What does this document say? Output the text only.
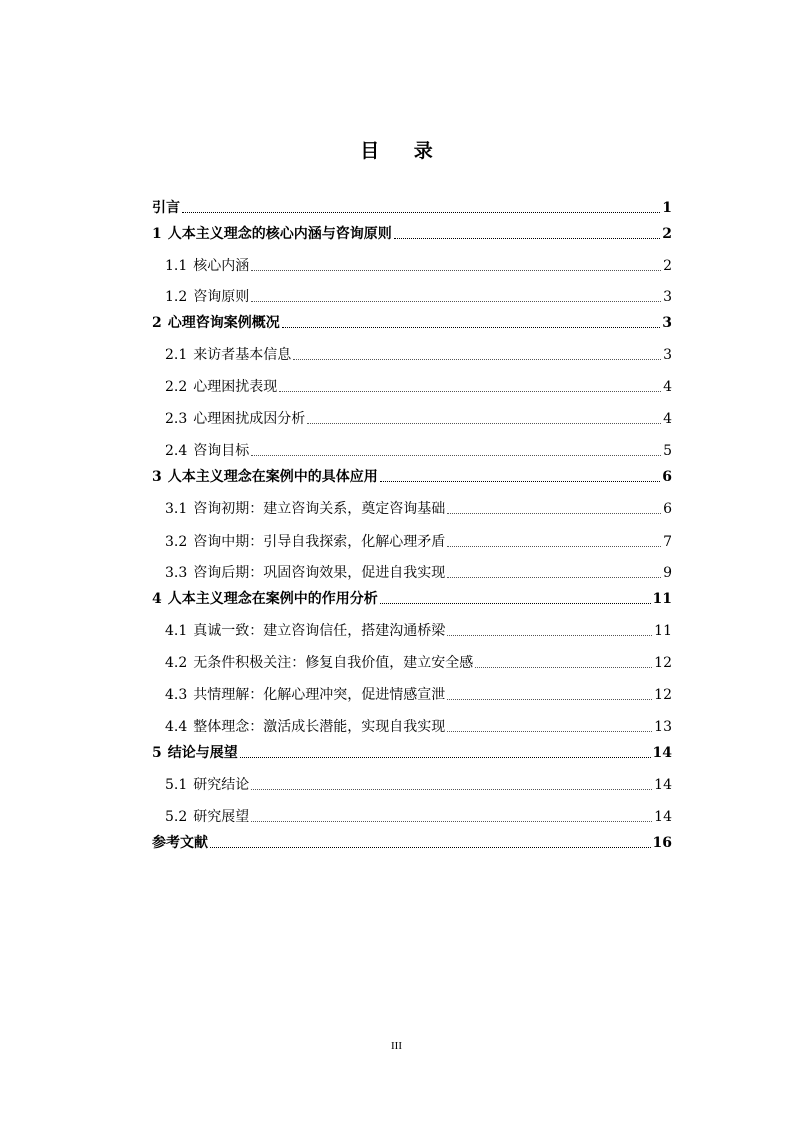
目 录
引言	1
1 人本主义理念的核心内涵与咨询原则	2
1.1 核心内涵	2
1.2 咨询原则	3
2 心理咨询案例概况	3
2.1 来访者基本信息	3
2.2 心理困扰表现	4
2.3 心理困扰成因分析	4
2.4 咨询目标	5
3 人本主义理念在案例中的具体应用	6
3.1 咨询初期：建立咨询关系，奠定咨询基础	6
3.2 咨询中期：引导自我探索，化解心理矛盾	7
3.3 咨询后期：巩固咨询效果，促进自我实现	9
4 人本主义理念在案例中的作用分析	11
4.1 真诚一致：建立咨询信任，搭建沟通桥梁	11
4.2 无条件积极关注：修复自我价值，建立安全感	12
4.3 共情理解：化解心理冲突，促进情感宣泄	12
4.4 整体理念：激活成长潜能，实现自我实现	13
5 结论与展望	14
5.1 研究结论	14
5.2 研究展望	14
参考文献	16
III
